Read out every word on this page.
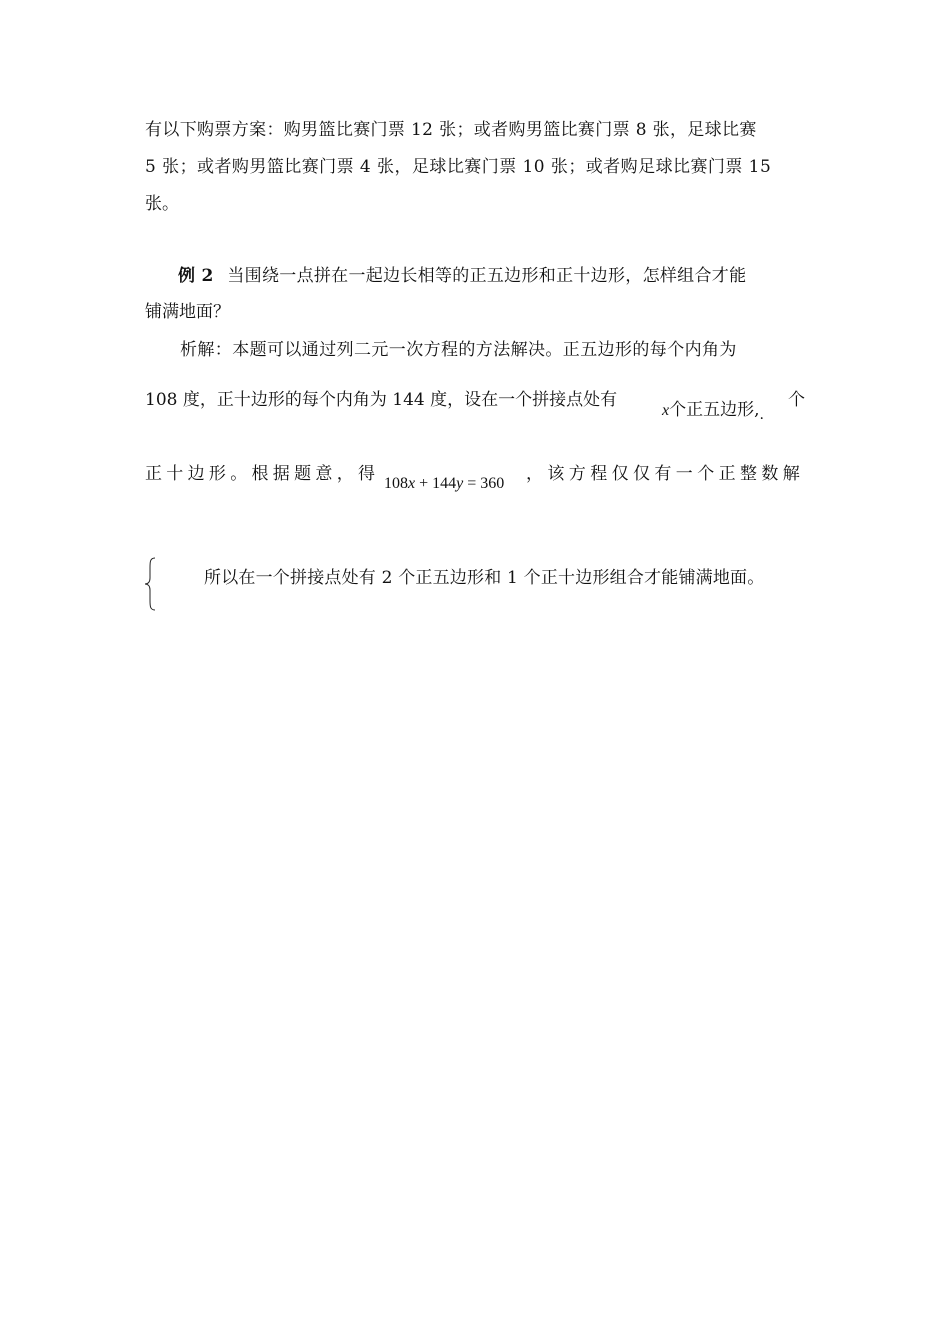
有以下购票方案：购男篮比赛门票 12 张；或者购男篮比赛门票 8 张，足球比赛
5 张；或者购男篮比赛门票 4 张，足球比赛门票 10 张；或者购足球比赛门票 15
张。
例 2 当围绕一点拼在一起边长相等的正五边形和正十边形，怎样组合才能
铺满地面？
析解：本题可以通过列二元一次方程的方法解决。正五边形的每个内角为
108 度，正十边形的每个内角为 144 度，设在一个拼接点处有
x个正五边形$,_.$
个
正十边形。根据题意，得 108x + 144y = 360 ，该方程仅仅有一个正整数解
所以在一个拼接点处有 2 个正五边形和 1 个正十边形组合才能铺满地面。
